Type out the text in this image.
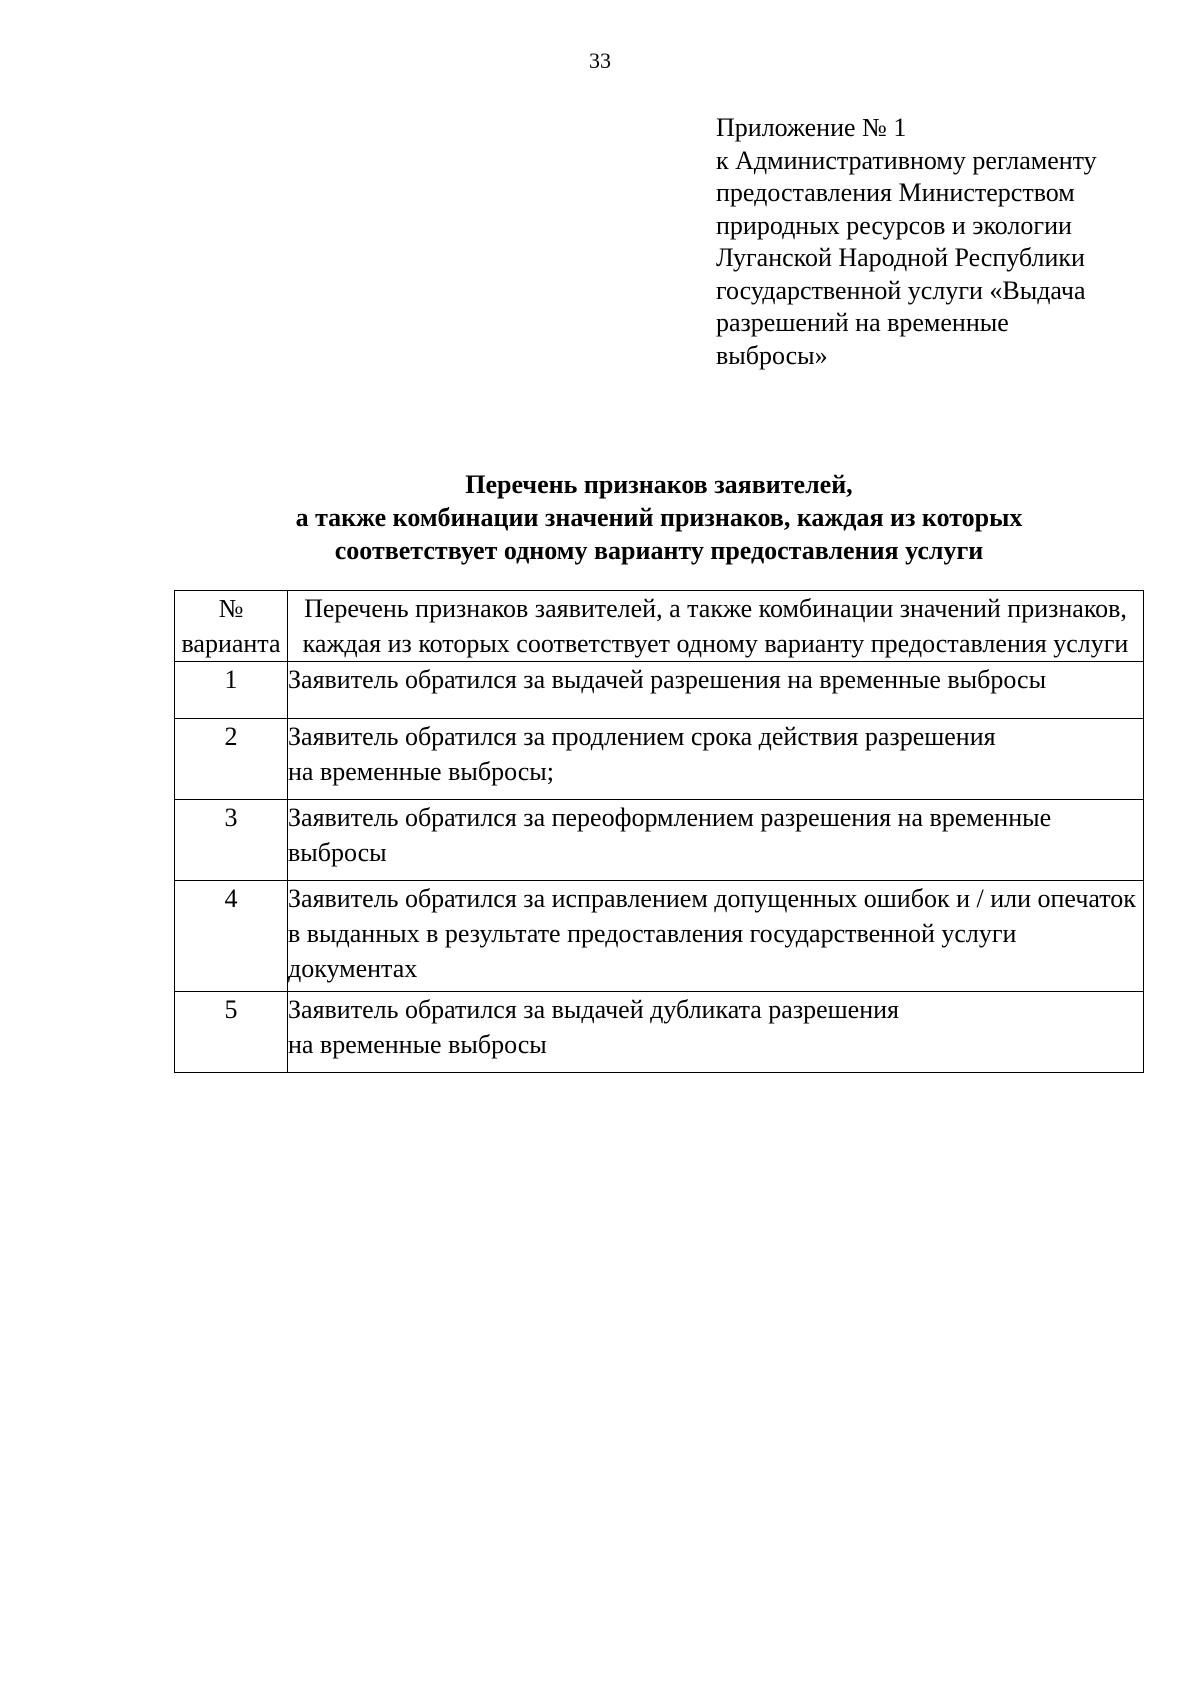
33
Приложение № 1
к Административному регламенту
предоставления Министерством
природных ресурсов и экологии
Луганской Народной Республики
государственной услуги «Выдача
разрешений на временные
выбросы»
Перечень признаков заявителей,
а также комбинации значений признаков, каждая из которых
соответствует одному варианту предоставления услуги
№ варианта	Перечень признаков заявителей, а также комбинации значений признаков, каждая из которых соответствует одному варианту предоставления услуги
1	Заявитель обратился за выдачей разрешения на временные выбросы
2	Заявитель обратился за продлением срока действия разрешения
на временные выбросы;

3	Заявитель обратился за переоформлением разрешения на временные выбросы
4	Заявитель обратился за исправлением допущенных ошибок и / или опечаток в выданных в результате предоставления государственной услуги документах
5	Заявитель обратился за выдачей дубликата разрешения
на временные выбросы
